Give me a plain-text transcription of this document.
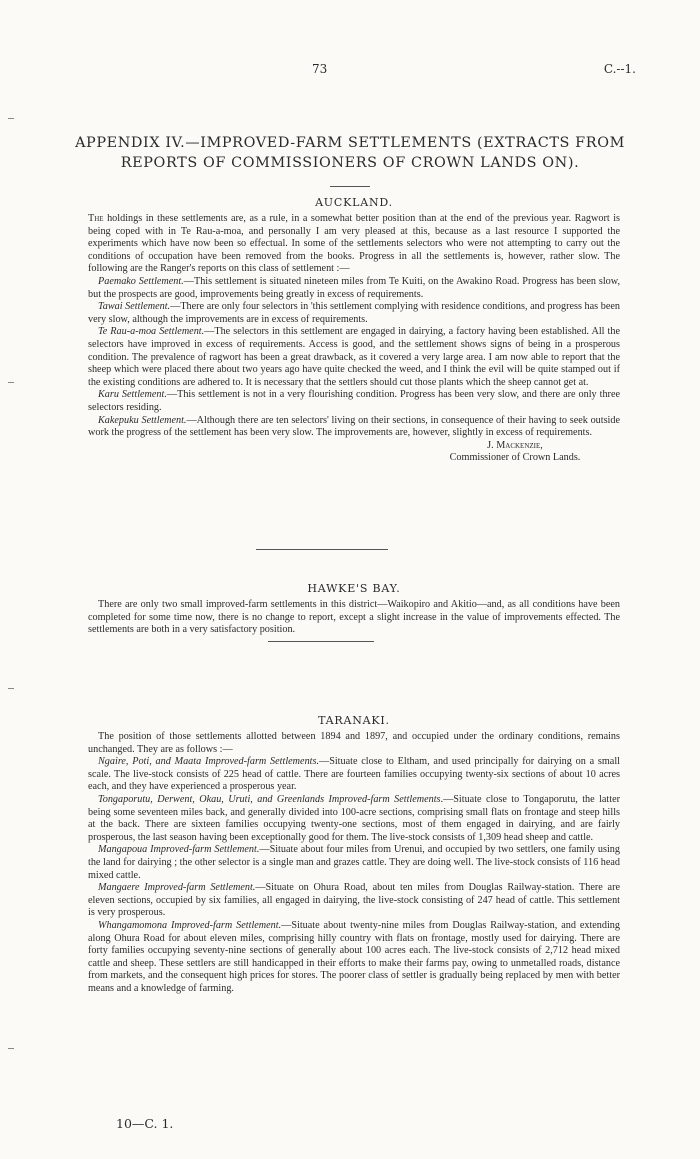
73	C.--1.
APPENDIX IV.—IMPROVED-FARM SETTLEMENTS (EXTRACTS FROM
REPORTS OF COMMISSIONERS OF CROWN LANDS ON).
AUCKLAND.

The holdings in these settlements are, as a rule, in a somewhat better position than at the end of the previous year. Ragwort is being coped with in Te Rau-a-moa, and personally I am very pleased at this, because as a last resource I supported the experiments which have now been so effectual. In some of the settlements selectors who were not attempting to carry out the conditions of occupation have been removed from the books. Progress in all the settlements is, however, rather slow. The following are the Ranger's reports on this class of settlement :—

Paemako Settlement.—This settlement is situated nineteen miles from Te Kuiti, on the Awakino Road. Progress has been slow, but the prospects are good, improvements being greatly in excess of requirements.

Tawai Settlement.—There are only four selectors in 'this settlement complying with residence conditions, and progress has been very slow, although the improvements are in excess of requirements.

Te Rau-a-moa Settlement.—The selectors in this settlement are engaged in dairying, a factory having been established. All the selectors have improved in excess of requirements. Access is good, and the settlement shows signs of being in a prosperous condition. The prevalence of ragwort has been a great drawback, as it covered a very large area. I am now able to report that the sheep which were placed there about two years ago have quite checked the weed, and I think the evil will be quite stamped out if the existing conditions are adhered to. It is necessary that the settlers should cut those plants which the sheep cannot get at.

Karu Settlement.—This settlement is not in a very flourishing condition. Progress has been very slow, and there are only three selectors residing.

Kakepuku Settlement.—Although there are ten selectors' living on their sections, in consequence of their having to seek outside work the progress of the settlement has been very slow. The improvements are, however, slightly in excess of requirements.

J. Mackenzie,
Commissioner of Crown Lands.
HAWKE'S BAY.

There are only two small improved-farm settlements in this district—Waikopiro and Akitio—and, as all conditions have been completed for some time now, there is no change to report, except a slight increase in the value of improvements effected. The settlements are both in a very satisfactory position.

TARANAKI.

The position of those settlements allotted between 1894 and 1897, and occupied under the ordinary conditions, remains unchanged. They are as follows :—

Ngaire, Poti, and Maata Improved-farm Settlements.—Situate close to Eltham, and used principally for dairying on a small scale. The live-stock consists of 225 head of cattle. There are fourteen families occupying twenty-six sections of about 10 acres each, and they have experienced a prosperous year.

Tongaporutu, Derwent, Okau, Uruti, and Greenlands Improved-farm Settlements.—Situate close to Tongaporutu, the latter being some seventeen miles back, and generally divided into 100-acre sections, comprising small flats on frontage and steep hills at the back. There are sixteen families occupying twenty-one sections, most of them engaged in dairying, and are fairly prosperous, the last season having been exceptionally good for them. The live-stock consists of 1,309 head sheep and cattle.

Mangapoua Improved-farm Settlement.—Situate about four miles from Urenui, and occupied by two settlers, one family using the land for dairying ; the other selector is a single man and grazes cattle. They are doing well. The live-stock consists of 116 head mixed cattle.

Mangaere Improved-farm Settlement.—Situate on Ohura Road, about ten miles from Douglas Railway-station. There are eleven sections, occupied by six families, all engaged in dairying, the live-stock consisting of 247 head of cattle. This settlement is very prosperous.

Whangamomona Improved-farm Settlement.—Situate about twenty-nine miles from Douglas Railway-station, and extending along Ohura Road for about eleven miles, comprising hilly country with flats on frontage, mostly used for dairying. There are forty families occupying seventy-nine sections of generally about 100 acres each. The live-stock consists of 2,712 head mixed cattle and sheep. These settlers are still handicapped in their efforts to make their farms pay, owing to unmetalled roads, distance from markets, and the consequent high prices for stores. The poorer class of settler is gradually being replaced by men with better means and a knowledge of farming.

10—C. 1.
